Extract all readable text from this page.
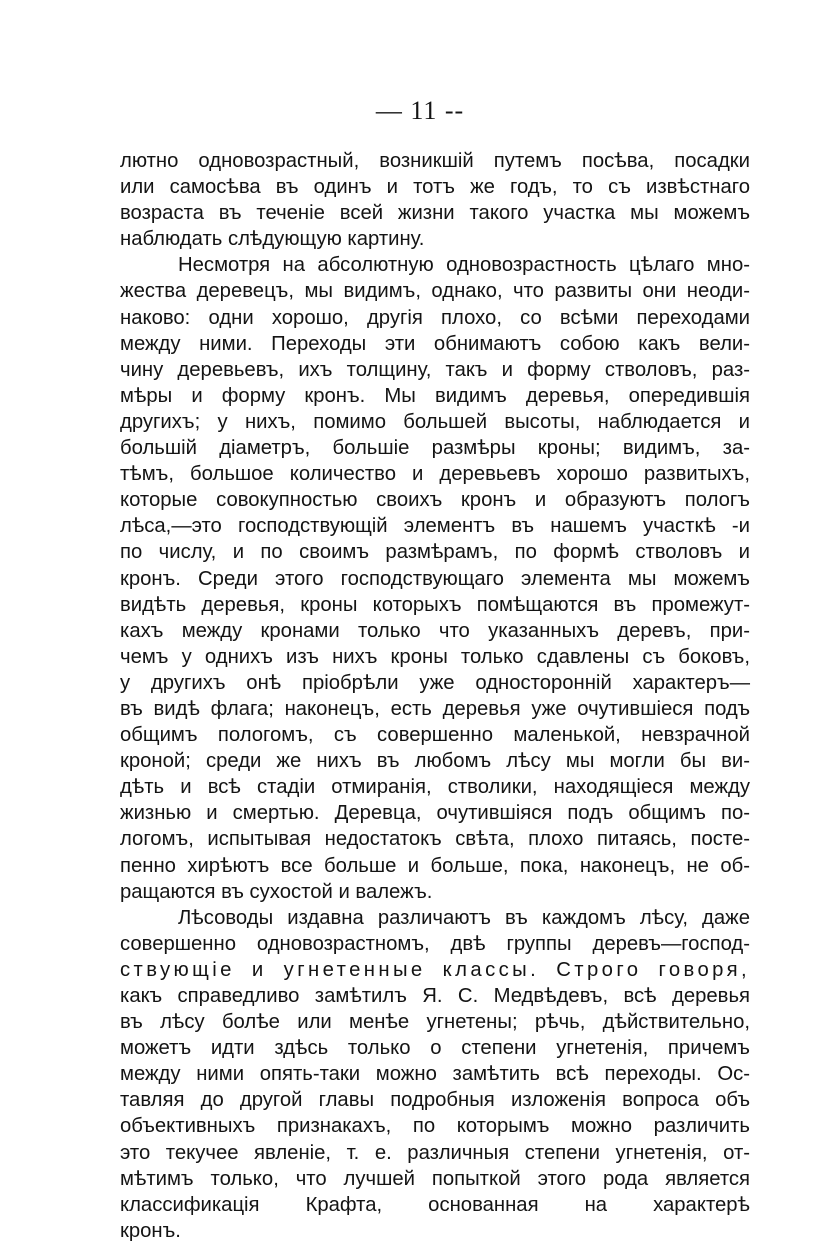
— 11 --
лютно одновозрастный, возникшій путемъ посѣва, посадки
или самосѣва въ одинъ и тотъ же годъ, то съ извѣстнаго
возраста въ теченіе всей жизни такого участка мы можемъ
наблюдать слѣдующую картину.
Несмотря на абсолютную одновозрастность цѣлаго мно-
жества деревецъ, мы видимъ, однако, что развиты они неоди-
наково: одни хорошо, другія плохо, со всѣми переходами
между ними. Переходы эти обнимаютъ собою какъ вели-
чину деревьевъ, ихъ толщину, такъ и форму стволовъ, раз-
мѣры и форму кронъ. Мы видимъ деревья, опередившія
другихъ; у нихъ, помимо большей высоты, наблюдается и
большій діаметръ, большіе размѣры кроны; видимъ, за-
тѣмъ, большое количество и деревьевъ хорошо развитыхъ,
которые совокупностью своихъ кронъ и образуютъ пологъ
лѣса,—это господствующій элементъ въ нашемъ участкѣ -и
по числу, и по своимъ размѣрамъ, по формѣ стволовъ и
кронъ. Среди этого господствующаго элемента мы можемъ
видѣть деревья, кроны которыхъ помѣщаются въ промежут-
кахъ между кронами только что указанныхъ деревъ, при-
чемъ у однихъ изъ нихъ кроны только сдавлены съ боковъ,
у другихъ онѣ пріобрѣли уже односторонній характеръ—
въ видѣ флага; наконецъ, есть деревья уже очутившіеся подъ
общимъ пологомъ, съ совершенно маленькой, невзрачной
кроной; среди же нихъ въ любомъ лѣсу мы могли бы ви-
дѣть и всѣ стадіи отмиранія, стволики, находящіеся между
жизнью и смертью. Деревца, очутившіяся подъ общимъ по-
логомъ, испытывая недостатокъ свѣта, плохо питаясь, посте-
пенно хирѣютъ все больше и больше, пока, наконецъ, не об-
ращаются въ сухостой и валежъ.
Лѣсоводы издавна различаютъ въ каждомъ лѣсу, даже
совершенно одновозрастномъ, двѣ группы деревъ—господ-
ствующіе и угнетенные классы. Строго говоря,
какъ справедливо замѣтилъ Я. С. Медвѣдевъ, всѣ деревья
въ лѣсу болѣе или менѣе угнетены; рѣчь, дѣйствительно,
можетъ идти здѣсь только о степени угнетенія, причемъ
между ними опять-таки можно замѣтить всѣ переходы. Ос-
тавляя до другой главы подробныя изложенія вопроса объ
объективныхъ признакахъ, по которымъ можно различить
это текучее явленіе, т. е. различныя степени угнетенія, от-
мѣтимъ только, что лучшей попыткой этого рода является
классификація Крафта, основанная на характерѣ
кронъ.
